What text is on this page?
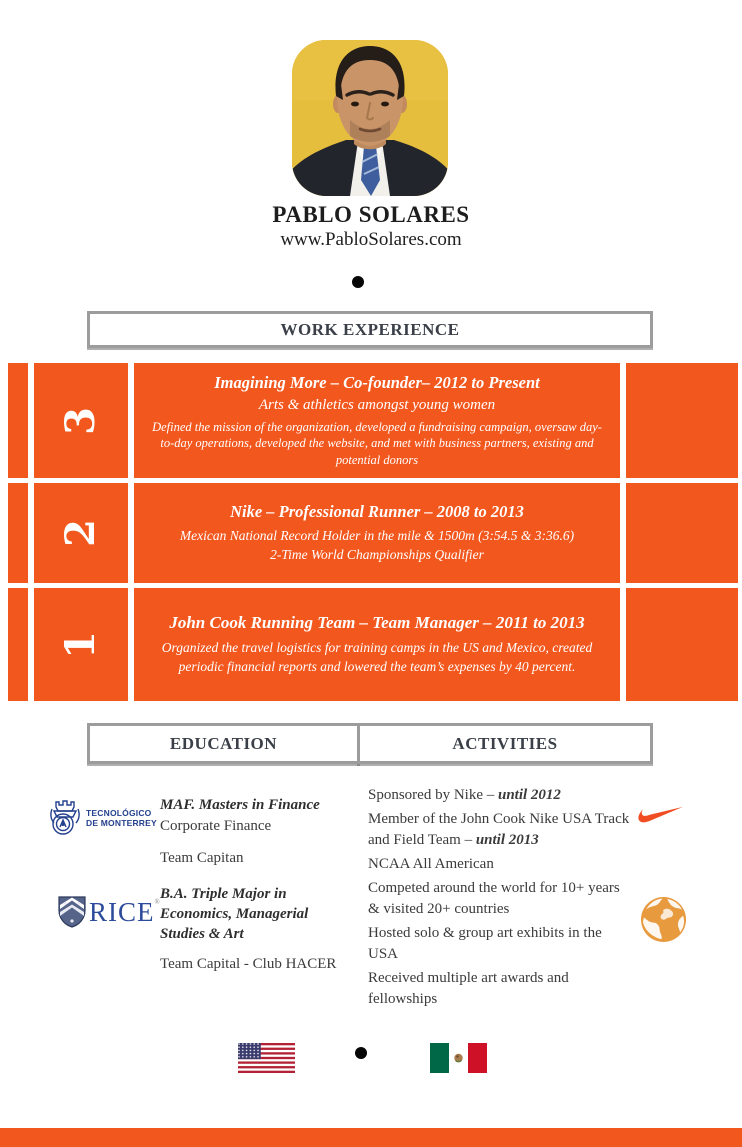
PABLO SOLARES
www.PabloSolares.com
WORK EXPERIENCE
3
Imagining More – Co-founder– 2012 to Present
Arts & athletics amongst young women
Defined the mission of the organization, developed a fundraising campaign, oversaw day-to-day operations, developed the website, and met with business partners, existing and potential donors
2
Nike – Professional Runner – 2008 to 2013
Mexican National Record Holder in the mile & 1500m (3:54.5 & 3:36.6)
2-Time World Championships Qualifier
1
John Cook Running Team – Team Manager – 2011 to 2013
Organized the travel logistics for training camps in the US and Mexico, created periodic financial reports and lowered the team’s expenses by 40 percent.
EDUCATION	ACTIVITIES
TECNOLÓGICO
DE MONTERREY
MAF. Masters in Finance
Corporate Finance
Team Capitan
RICE® B.A. Triple Major in Economics, Managerial Studies & Art
Team Capital - Club HACER
Sponsored by Nike – until 2012
Member of the John Cook Nike USA Track and Field Team – until 2013
NCAA All American
Competed around the world for 10+ years & visited 20+ countries
Hosted solo & group art exhibits in the USA
Received multiple art awards and fellowships
